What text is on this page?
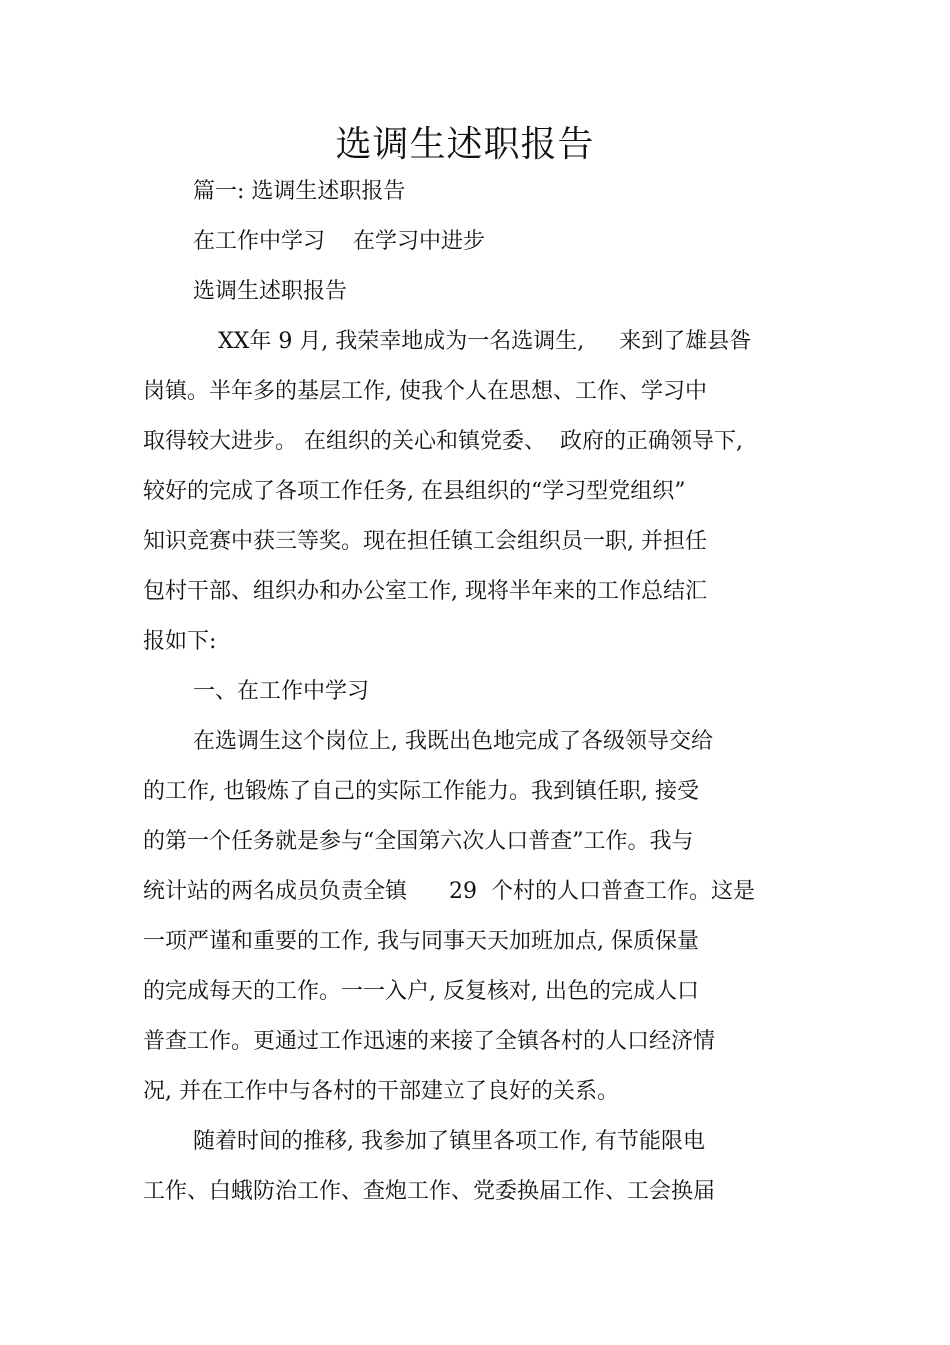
选调生述职报告
篇一: 选调生述职报告
在工作中学习    在学习中进步
选调生述职报告
XX年 9 月, 我荣幸地成为一名选调生,     来到了雄县昝
岗镇。半年多的基层工作, 使我个人在思想、工作、学习中
取得较大进步。 在组织的关心和镇党委、  政府的正确领导下,
较好的完成了各项工作任务, 在县组织的“学习型党组织”
知识竞赛中获三等奖。现在担任镇工会组织员一职, 并担任
包村干部、组织办和办公室工作, 现将半年来的工作总结汇
报如下:
一、在工作中学习
在选调生这个岗位上, 我既出色地完成了各级领导交给
的工作, 也锻炼了自己的实际工作能力。我到镇任职, 接受
的第一个任务就是参与“全国第六次人口普查”工作。我与
统计站的两名成员负责全镇      29  个村的人口普查工作。这是
一项严谨和重要的工作, 我与同事天天加班加点, 保质保量
的完成每天的工作。一一入户, 反复核对, 出色的完成人口
普查工作。更通过工作迅速的来接了全镇各村的人口经济情
况, 并在工作中与各村的干部建立了良好的关系。
随着时间的推移, 我参加了镇里各项工作, 有节能限电
工作、白蛾防治工作、查炮工作、党委换届工作、工会换届
